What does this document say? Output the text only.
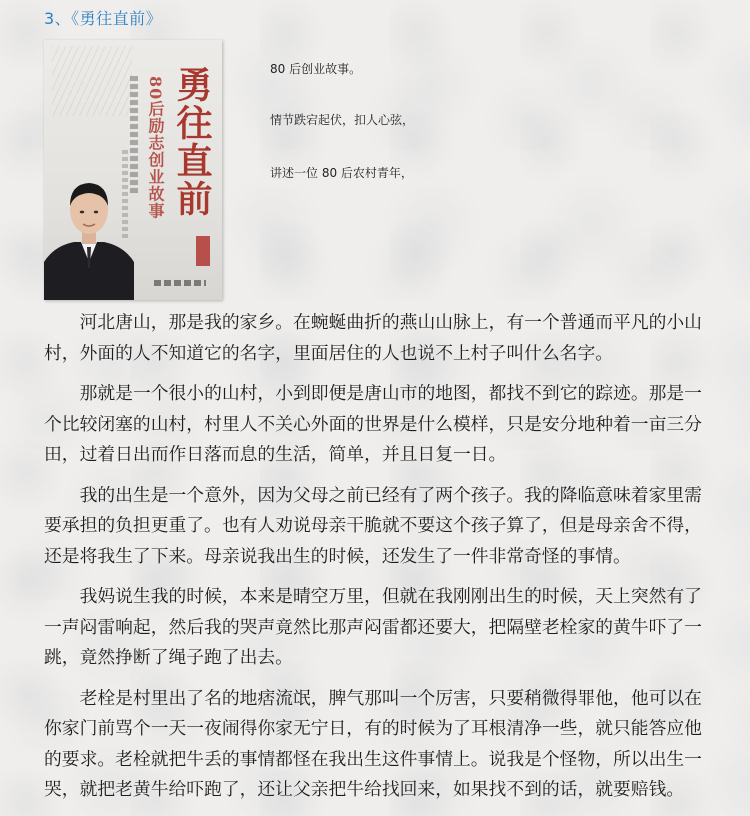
3、《勇往直前》
80后励志创业故事 勇往直前	80 后创业故事。
情节跌宕起伏，扣人心弦，
讲述一位 80 后农村青年，

河北唐山，那是我的家乡。在蜿蜒曲折的燕山山脉上，有一个普通而平凡的小山村，外面的人不知道它的名字，里面居住的人也说不上村子叫什么名字。

那就是一个很小的山村，小到即便是唐山市的地图，都找不到它的踪迹。那是一个比较闭塞的山村，村里人不关心外面的世界是什么模样，只是安分地种着一亩三分田，过着日出而作日落而息的生活，简单，并且日复一日。

我的出生是一个意外，因为父母之前已经有了两个孩子。我的降临意味着家里需要承担的负担更重了。也有人劝说母亲干脆就不要这个孩子算了，但是母亲舍不得，还是将我生了下来。母亲说我出生的时候，还发生了一件非常奇怪的事情。

我妈说生我的时候，本来是晴空万里，但就在我刚刚出生的时候，天上突然有了一声闷雷响起，然后我的哭声竟然比那声闷雷都还要大，把隔壁老栓家的黄牛吓了一跳，竟然挣断了绳子跑了出去。

老栓是村里出了名的地痞流氓，脾气那叫一个厉害，只要稍微得罪他，他可以在你家门前骂个一天一夜闹得你家无宁日，有的时候为了耳根清净一些，就只能答应他的要求。老栓就把牛丢的事情都怪在我出生这件事情上。说我是个怪物，所以出生一哭，就把老黄牛给吓跑了，还让父亲把牛给找回来，如果找不到的话，就要赔钱。
